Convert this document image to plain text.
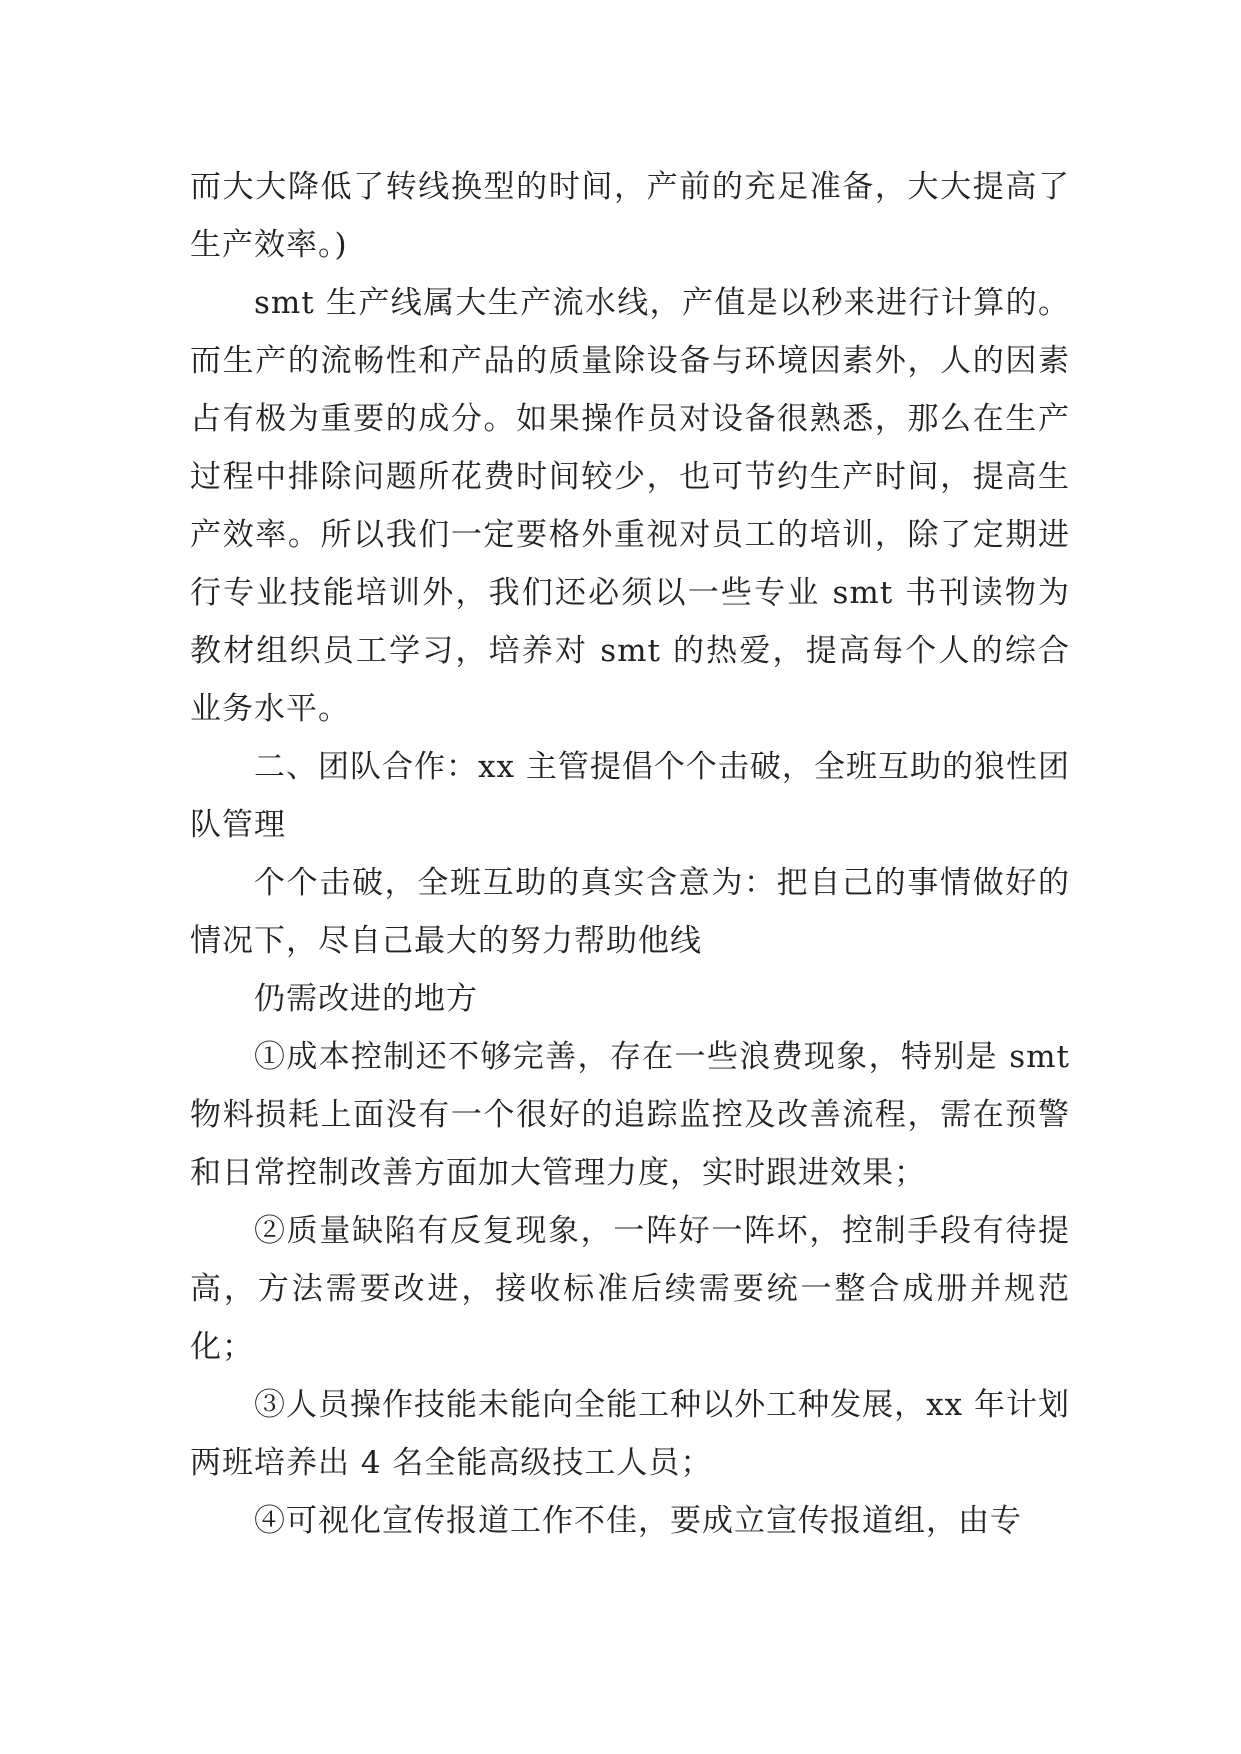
而大大降低了转线换型的时间，产前的充足准备，大大提高了生产效率。)

smt 生产线属大生产流水线，产值是以秒来进行计算的。而生产的流畅性和产品的质量除设备与环境因素外，人的因素占有极为重要的成分。如果操作员对设备很熟悉，那么在生产过程中排除问题所花费时间较少，也可节约生产时间，提高生产效率。所以我们一定要格外重视对员工的培训，除了定期进行专业技能培训外，我们还必须以一些专业 smt 书刊读物为教材组织员工学习，培养对 smt 的热爱，提高每个人的综合业务水平。

二、团队合作：xx 主管提倡个个击破，全班互助的狼性团队管理

个个击破，全班互助的真实含意为：把自己的事情做好的情况下，尽自己最大的努力帮助他线

仍需改进的地方

①成本控制还不够完善，存在一些浪费现象，特别是 smt 物料损耗上面没有一个很好的追踪监控及改善流程，需在预警和日常控制改善方面加大管理力度，实时跟进效果；

②质量缺陷有反复现象，一阵好一阵坏，控制手段有待提高，方法需要改进，接收标准后续需要统一整合成册并规范化；

③人员操作技能未能向全能工种以外工种发展，xx 年计划两班培养出 4 名全能高级技工人员；

④可视化宣传报道工作不佳，要成立宣传报道组，由专
